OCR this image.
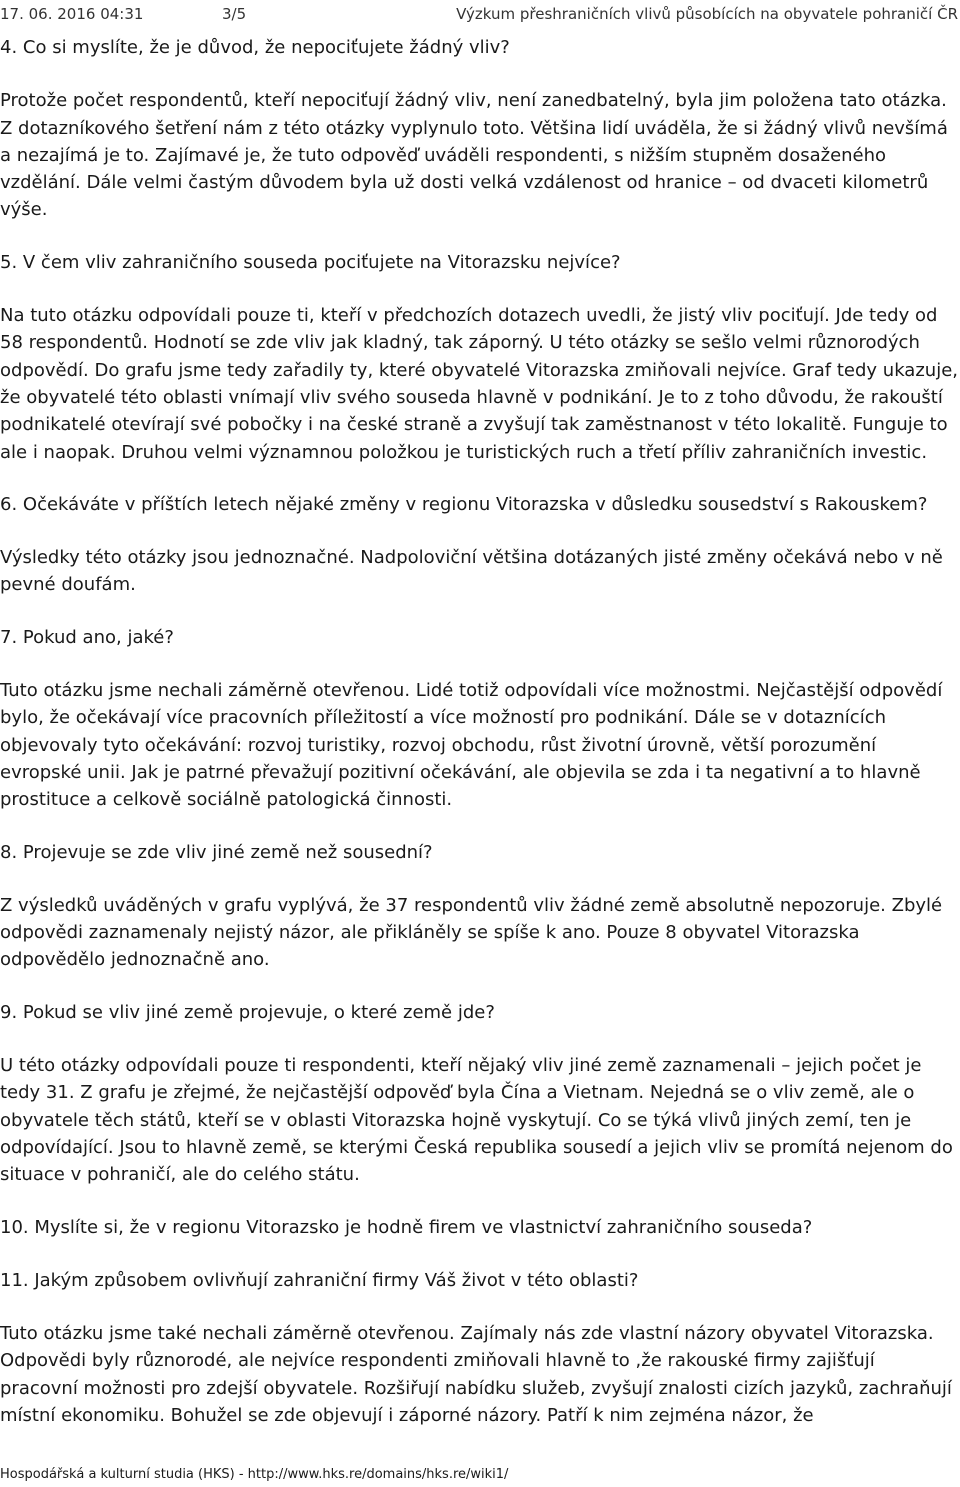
17. 06. 2016 04:31	3/5	Výzkum přeshraničních vlivů působících na obyvatele pohraničí ČR
4. Co si myslíte, že je důvod, že nepociťujete žádný vliv?
Protože počet respondentů, kteří nepociťují žádný vliv, není zanedbatelný, byla jim položena tato otázka. Z dotazníkového šetření nám z této otázky vyplynulo toto. Většina lidí uváděla, že si žádný vlivů nevšímá a nezajímá je to. Zajímavé je, že tuto odpověď uváděli respondenti, s nižším stupněm dosaženého vzdělání. Dále velmi častým důvodem byla už dosti velká vzdálenost od hranice – od dvaceti kilometrů výše.
5. V čem vliv zahraničního souseda pociťujete na Vitorazsku nejvíce?
Na tuto otázku odpovídali pouze ti, kteří v předchozích dotazech uvedli, že jistý vliv pociťují. Jde tedy od 58 respondentů. Hodnotí se zde vliv jak kladný, tak záporný. U této otázky se sešlo velmi různorodých odpovědí. Do grafu jsme tedy zařadily ty, které obyvatelé Vitorazska zmiňovali nejvíce. Graf tedy ukazuje, že obyvatelé této oblasti vnímají vliv svého souseda hlavně v podnikání. Je to z toho důvodu, že rakouští podnikatelé otevírají své pobočky i na české straně a zvyšují tak zaměstnanost v této lokalitě. Funguje to ale i naopak. Druhou velmi významnou položkou je turistických ruch a třetí příliv zahraničních investic.
6. Očekáváte v příštích letech nějaké změny v regionu Vitorazska v důsledku sousedství s Rakouskem?
Výsledky této otázky jsou jednoznačné. Nadpoloviční většina dotázaných jisté změny očekává nebo v ně pevné doufám.
7. Pokud ano, jaké?
Tuto otázku jsme nechali záměrně otevřenou. Lidé totiž odpovídali více možnostmi. Nejčastější odpovědí bylo, že očekávají více pracovních příležitostí a více možností pro podnikání. Dále se v dotaznících objevovaly tyto očekávání: rozvoj turistiky, rozvoj obchodu, růst životní úrovně, větší porozumění evropské unii. Jak je patrné převažují pozitivní očekávání, ale objevila se zda i ta negativní a to hlavně prostituce a celkově sociálně patologická činnosti.
8. Projevuje se zde vliv jiné země než sousední?
Z výsledků uváděných v grafu vyplývá, že 37 respondentů vliv žádné země absolutně nepozoruje. Zbylé odpovědi zaznamenaly nejistý názor, ale přikláněly se spíše k ano. Pouze 8 obyvatel Vitorazska odpovědělo jednoznačně ano.
9. Pokud se vliv jiné země projevuje, o které země jde?
U této otázky odpovídali pouze ti respondenti, kteří nějaký vliv jiné země zaznamenali – jejich počet je tedy 31. Z grafu je zřejmé, že nejčastější odpověď byla Čína a Vietnam. Nejedná se o vliv země, ale o obyvatele těch států, kteří se v oblasti Vitorazska hojně vyskytují. Co se týká vlivů jiných zemí, ten je odpovídající. Jsou to hlavně země, se kterými Česká republika sousedí a jejich vliv se promítá nejenom do situace v pohraničí, ale do celého státu.
10. Myslíte si, že v regionu Vitorazsko je hodně firem ve vlastnictví zahraničního souseda?
11. Jakým způsobem ovlivňují zahraniční firmy Váš život v této oblasti?
Tuto otázku jsme také nechali záměrně otevřenou. Zajímaly nás zde vlastní názory obyvatel Vitorazska. Odpovědi byly různorodé, ale nejvíce respondenti zmiňovali hlavně to ,že rakouské firmy zajišťují pracovní možnosti pro zdejší obyvatele. Rozšiřují nabídku služeb, zvyšují znalosti cizích jazyků, zachraňují místní ekonomiku. Bohužel se zde objevují i záporné názory. Patří k nim zejména názor, že
Hospodářská a kulturní studia (HKS) - http://www.hks.re/domains/hks.re/wiki1/
